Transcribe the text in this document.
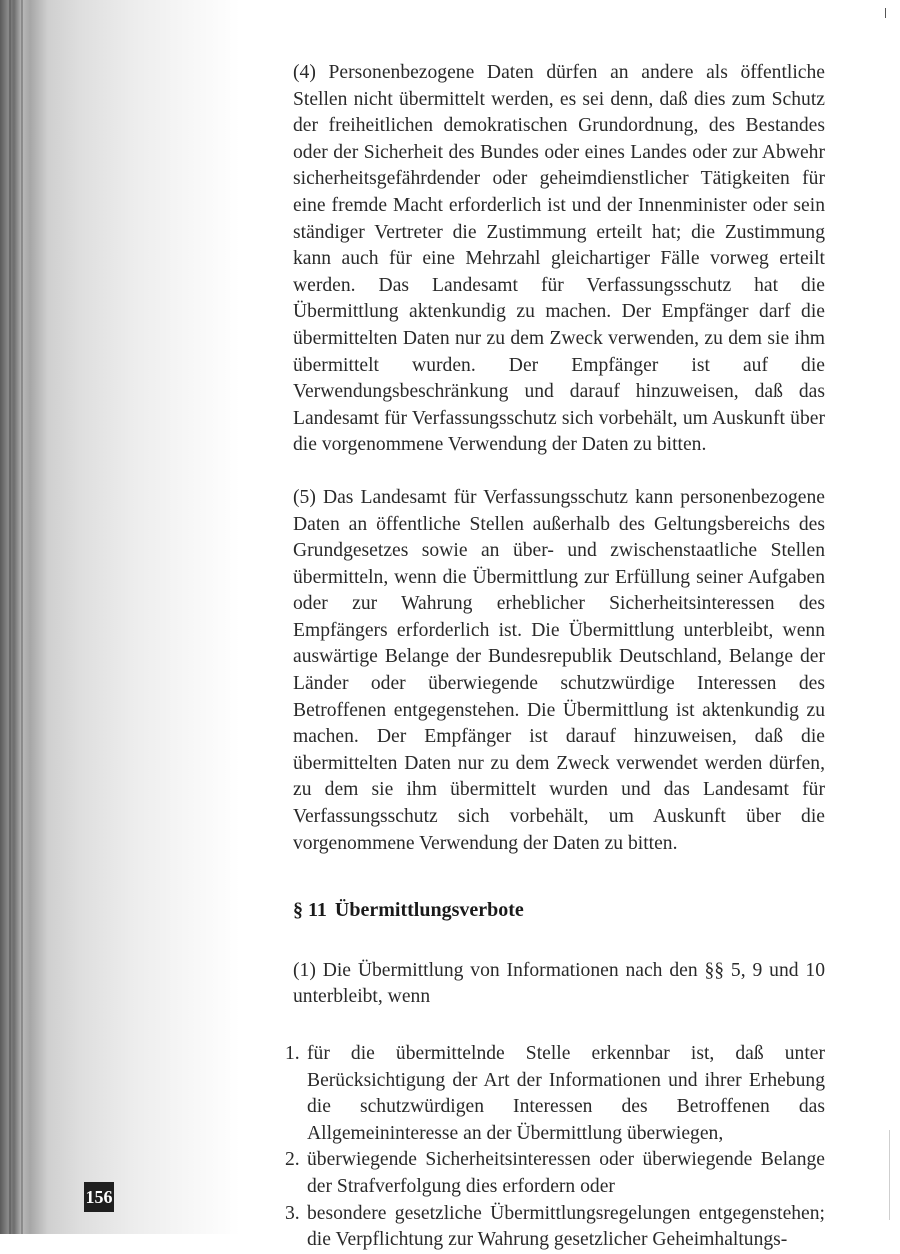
(4) Personenbezogene Daten dürfen an andere als öffentliche Stellen nicht übermittelt werden, es sei denn, daß dies zum Schutz der freiheitlichen demokratischen Grundordnung, des Bestandes oder der Sicherheit des Bundes oder eines Landes oder zur Abwehr sicherheitsgefährdender oder geheimdienstlicher Tätigkeiten für eine fremde Macht erforderlich ist und der Innenminister oder sein ständiger Vertreter die Zustimmung erteilt hat; die Zustimmung kann auch für eine Mehrzahl gleichartiger Fälle vorweg erteilt werden. Das Landesamt für Verfassungsschutz hat die Übermittlung aktenkundig zu machen. Der Empfänger darf die übermittelten Daten nur zu dem Zweck verwenden, zu dem sie ihm übermittelt wurden. Der Empfänger ist auf die Verwendungsbeschränkung und darauf hinzuweisen, daß das Landesamt für Verfassungsschutz sich vorbehält, um Auskunft über die vorgenommene Verwendung der Daten zu bitten.

(5) Das Landesamt für Verfassungsschutz kann personenbezogene Daten an öffentliche Stellen außerhalb des Geltungsbereichs des Grundgesetzes sowie an über- und zwischenstaatliche Stellen übermitteln, wenn die Übermittlung zur Erfüllung seiner Aufgaben oder zur Wahrung erheblicher Sicherheitsinteressen des Empfängers erforderlich ist. Die Übermittlung unterbleibt, wenn auswärtige Belange der Bundesrepublik Deutschland, Belange der Länder oder überwiegende schutzwürdige Interessen des Betroffenen entgegenstehen. Die Übermittlung ist aktenkundig zu machen. Der Empfänger ist darauf hinzuweisen, daß die übermittelten Daten nur zu dem Zweck verwendet werden dürfen, zu dem sie ihm übermittelt wurden und das Landesamt für Verfassungsschutz sich vorbehält, um Auskunft über die vorgenommene Verwendung der Daten zu bitten.

§ 11 Übermittlungsverbote

(1) Die Übermittlung von Informationen nach den §§ 5, 9 und 10 unterbleibt, wenn

1. für die übermittelnde Stelle erkennbar ist, daß unter Berücksichtigung der Art der Informationen und ihrer Erhebung die schutzwürdigen Interessen des Betroffenen das Allgemeininteresse an der Übermittlung überwiegen,
2. überwiegende Sicherheitsinteressen oder überwiegende Belange der Strafverfolgung dies erfordern oder
3. besondere gesetzliche Übermittlungsregelungen entgegenstehen; die Verpflichtung zur Wahrung gesetzlicher Geheimhaltungs-
156
